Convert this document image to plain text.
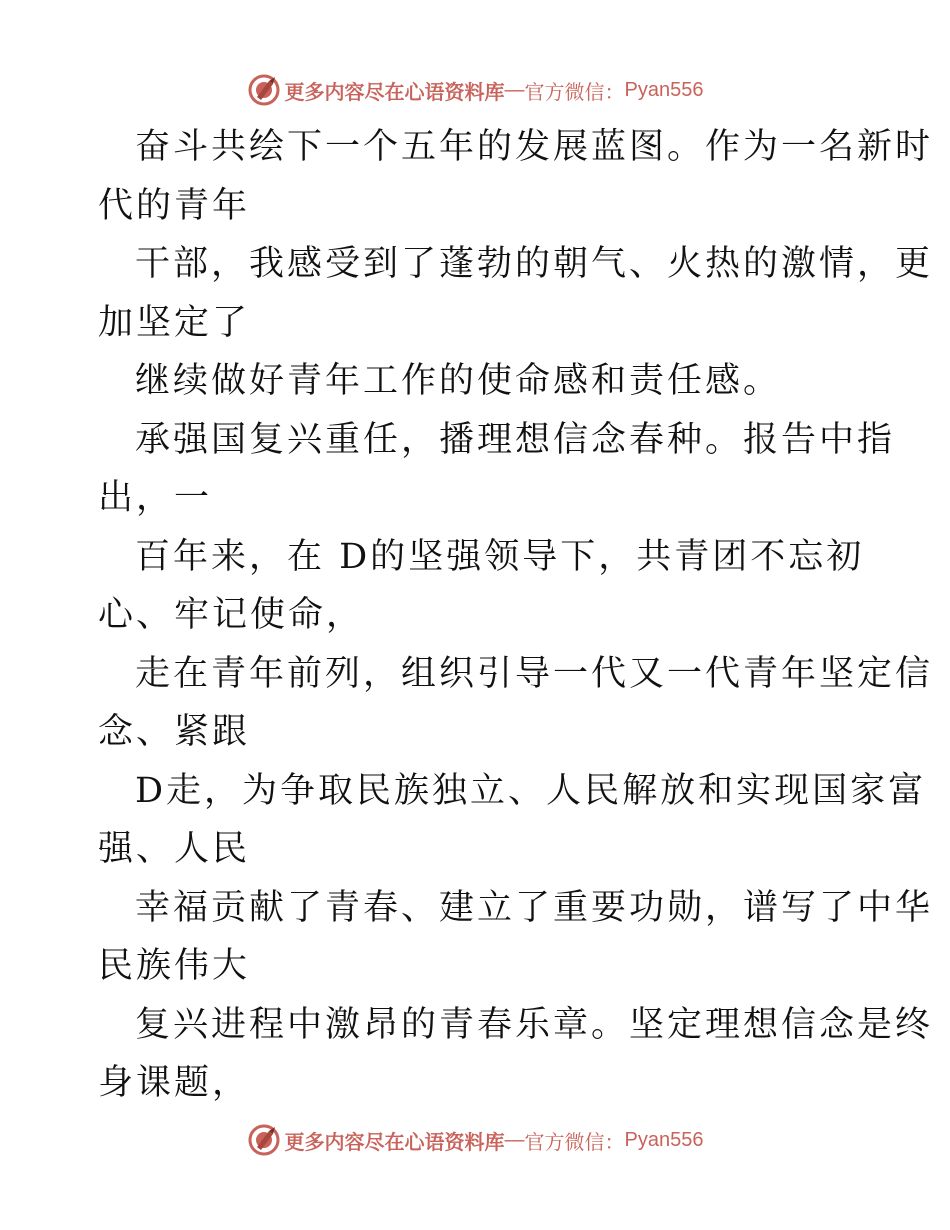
更多内容尽在心语资料库 — 官方微信： Pyan556
奋斗共绘下一个五年的发展蓝图。作为一名新时
代的青年
干部，我感受到了蓬勃的朝气、火热的激情，更
加坚定了
继续做好青年工作的使命感和责任感。
承强国复兴重任，播理想信念春种。报告中指
出，一
百年来，在 D的坚强领导下，共青团不忘初
心、牢记使命，
走在青年前列，组织引导一代又一代青年坚定信
念、紧跟
D走，为争取民族独立、人民解放和实现国家富
强、人民
幸福贡献了青春、建立了重要功勋，谱写了中华
民族伟大
复兴进程中激昂的青春乐章。坚定理想信念是终
身课题，
更多内容尽在心语资料库 — 官方微信： Pyan556
